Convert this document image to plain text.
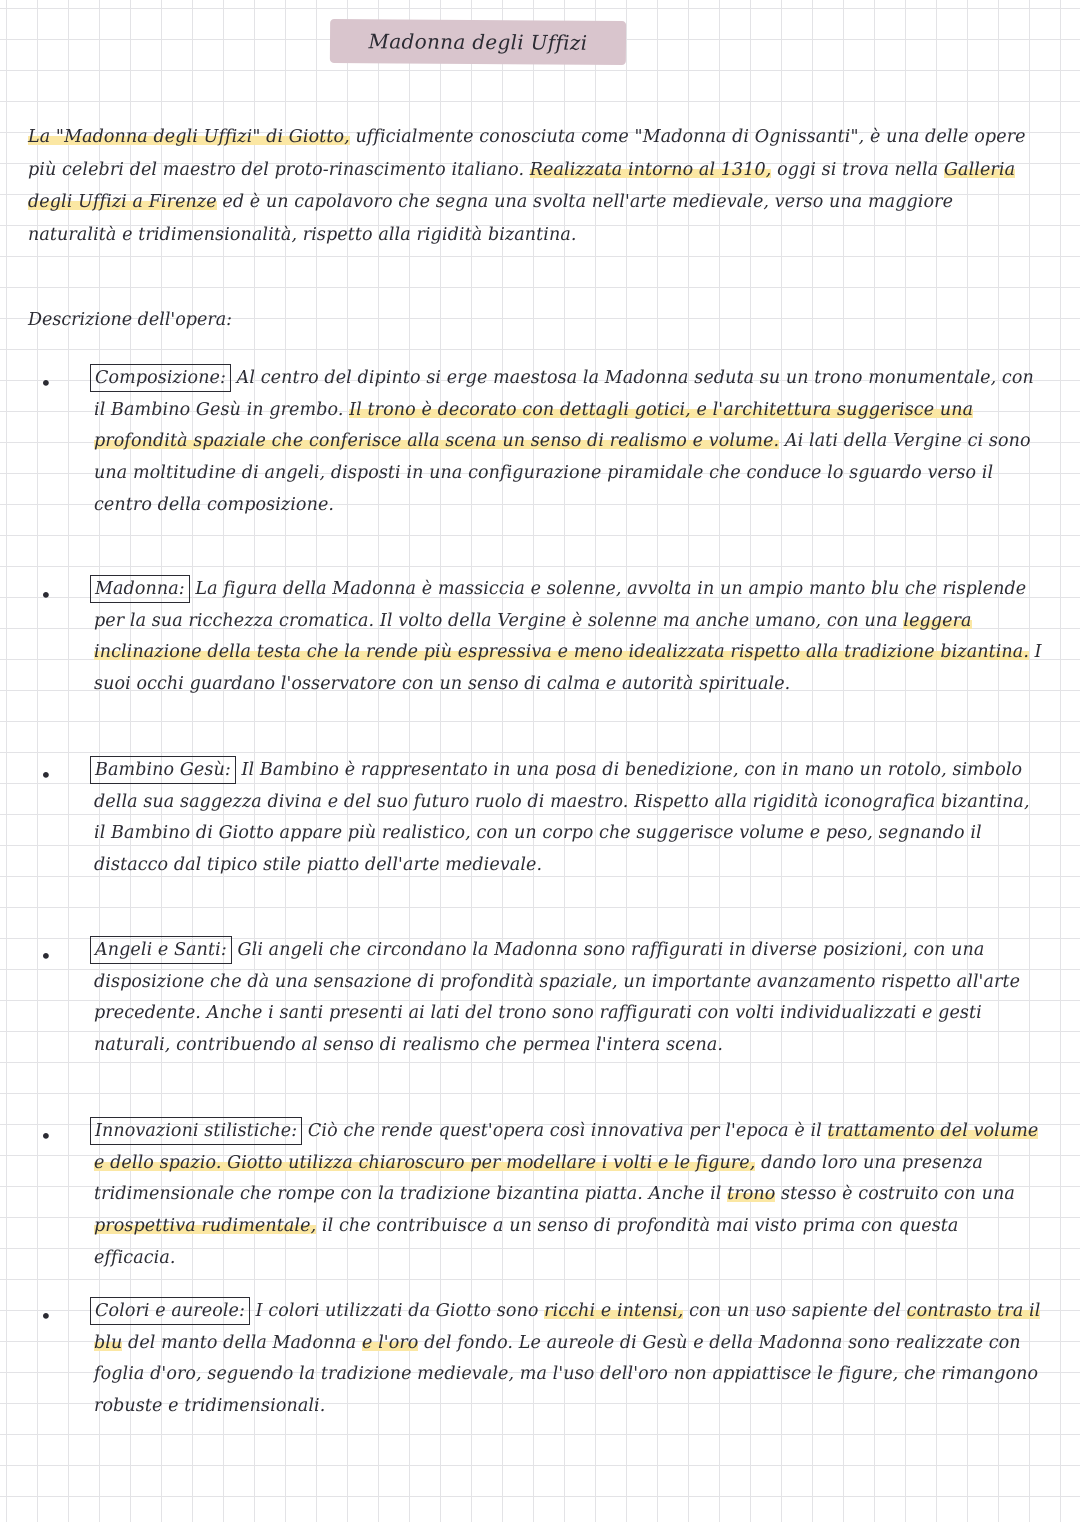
Madonna degli Uffizi

La "Madonna degli Uffizi" di Giotto, ufficialmente conosciuta come "Madonna di Ognissanti", è una delle opere più celebri del maestro del proto-rinascimento italiano. Realizzata intorno al 1310, oggi si trova nella Galleria degli Uffizi a Firenze ed è un capolavoro che segna una svolta nell'arte medievale, verso una maggiore naturalità e tridimensionalità, rispetto alla rigidità bizantina.

Descrizione dell'opera:
• Composizione: Al centro del dipinto si erge maestosa la Madonna seduta su un trono monumentale, con il Bambino Gesù in grembo. Il trono è decorato con dettagli gotici, e l'architettura suggerisce una profondità spaziale che conferisce alla scena un senso di realismo e volume. Ai lati della Vergine ci sono una moltitudine di angeli, disposti in una configurazione piramidale che conduce lo sguardo verso il centro della composizione.

• Madonna: La figura della Madonna è massiccia e solenne, avvolta in un ampio manto blu che risplende per la sua ricchezza cromatica. Il volto della Vergine è solenne ma anche umano, con una leggera inclinazione della testa che la rende più espressiva e meno idealizzata rispetto alla tradizione bizantina. I suoi occhi guardano l'osservatore con un senso di calma e autorità spirituale.

• Bambino Gesù: Il Bambino è rappresentato in una posa di benedizione, con in mano un rotolo, simbolo della sua saggezza divina e del suo futuro ruolo di maestro. Rispetto alla rigidità iconografica bizantina, il Bambino di Giotto appare più realistico, con un corpo che suggerisce volume e peso, segnando il distacco dal tipico stile piatto dell'arte medievale.

• Angeli e Santi: Gli angeli che circondano la Madonna sono raffigurati in diverse posizioni, con una disposizione che dà una sensazione di profondità spaziale, un importante avanzamento rispetto all'arte precedente. Anche i santi presenti ai lati del trono sono raffigurati con volti individualizzati e gesti naturali, contribuendo al senso di realismo che permea l'intera scena.

• Innovazioni stilistiche: Ciò che rende quest'opera così innovativa per l'epoca è il trattamento del volume e dello spazio. Giotto utilizza chiaroscuro per modellare i volti e le figure, dando loro una presenza tridimensionale che rompe con la tradizione bizantina piatta. Anche il trono stesso è costruito con una prospettiva rudimentale, il che contribuisce a un senso di profondità mai visto prima con questa efficacia.

• Colori e aureole: I colori utilizzati da Giotto sono ricchi e intensi, con un uso sapiente del contrasto tra il blu del manto della Madonna e l'oro del fondo. Le aureole di Gesù e della Madonna sono realizzate con foglia d'oro, seguendo la tradizione medievale, ma l'uso dell'oro non appiattisce le figure, che rimangono robuste e tridimensionali.
